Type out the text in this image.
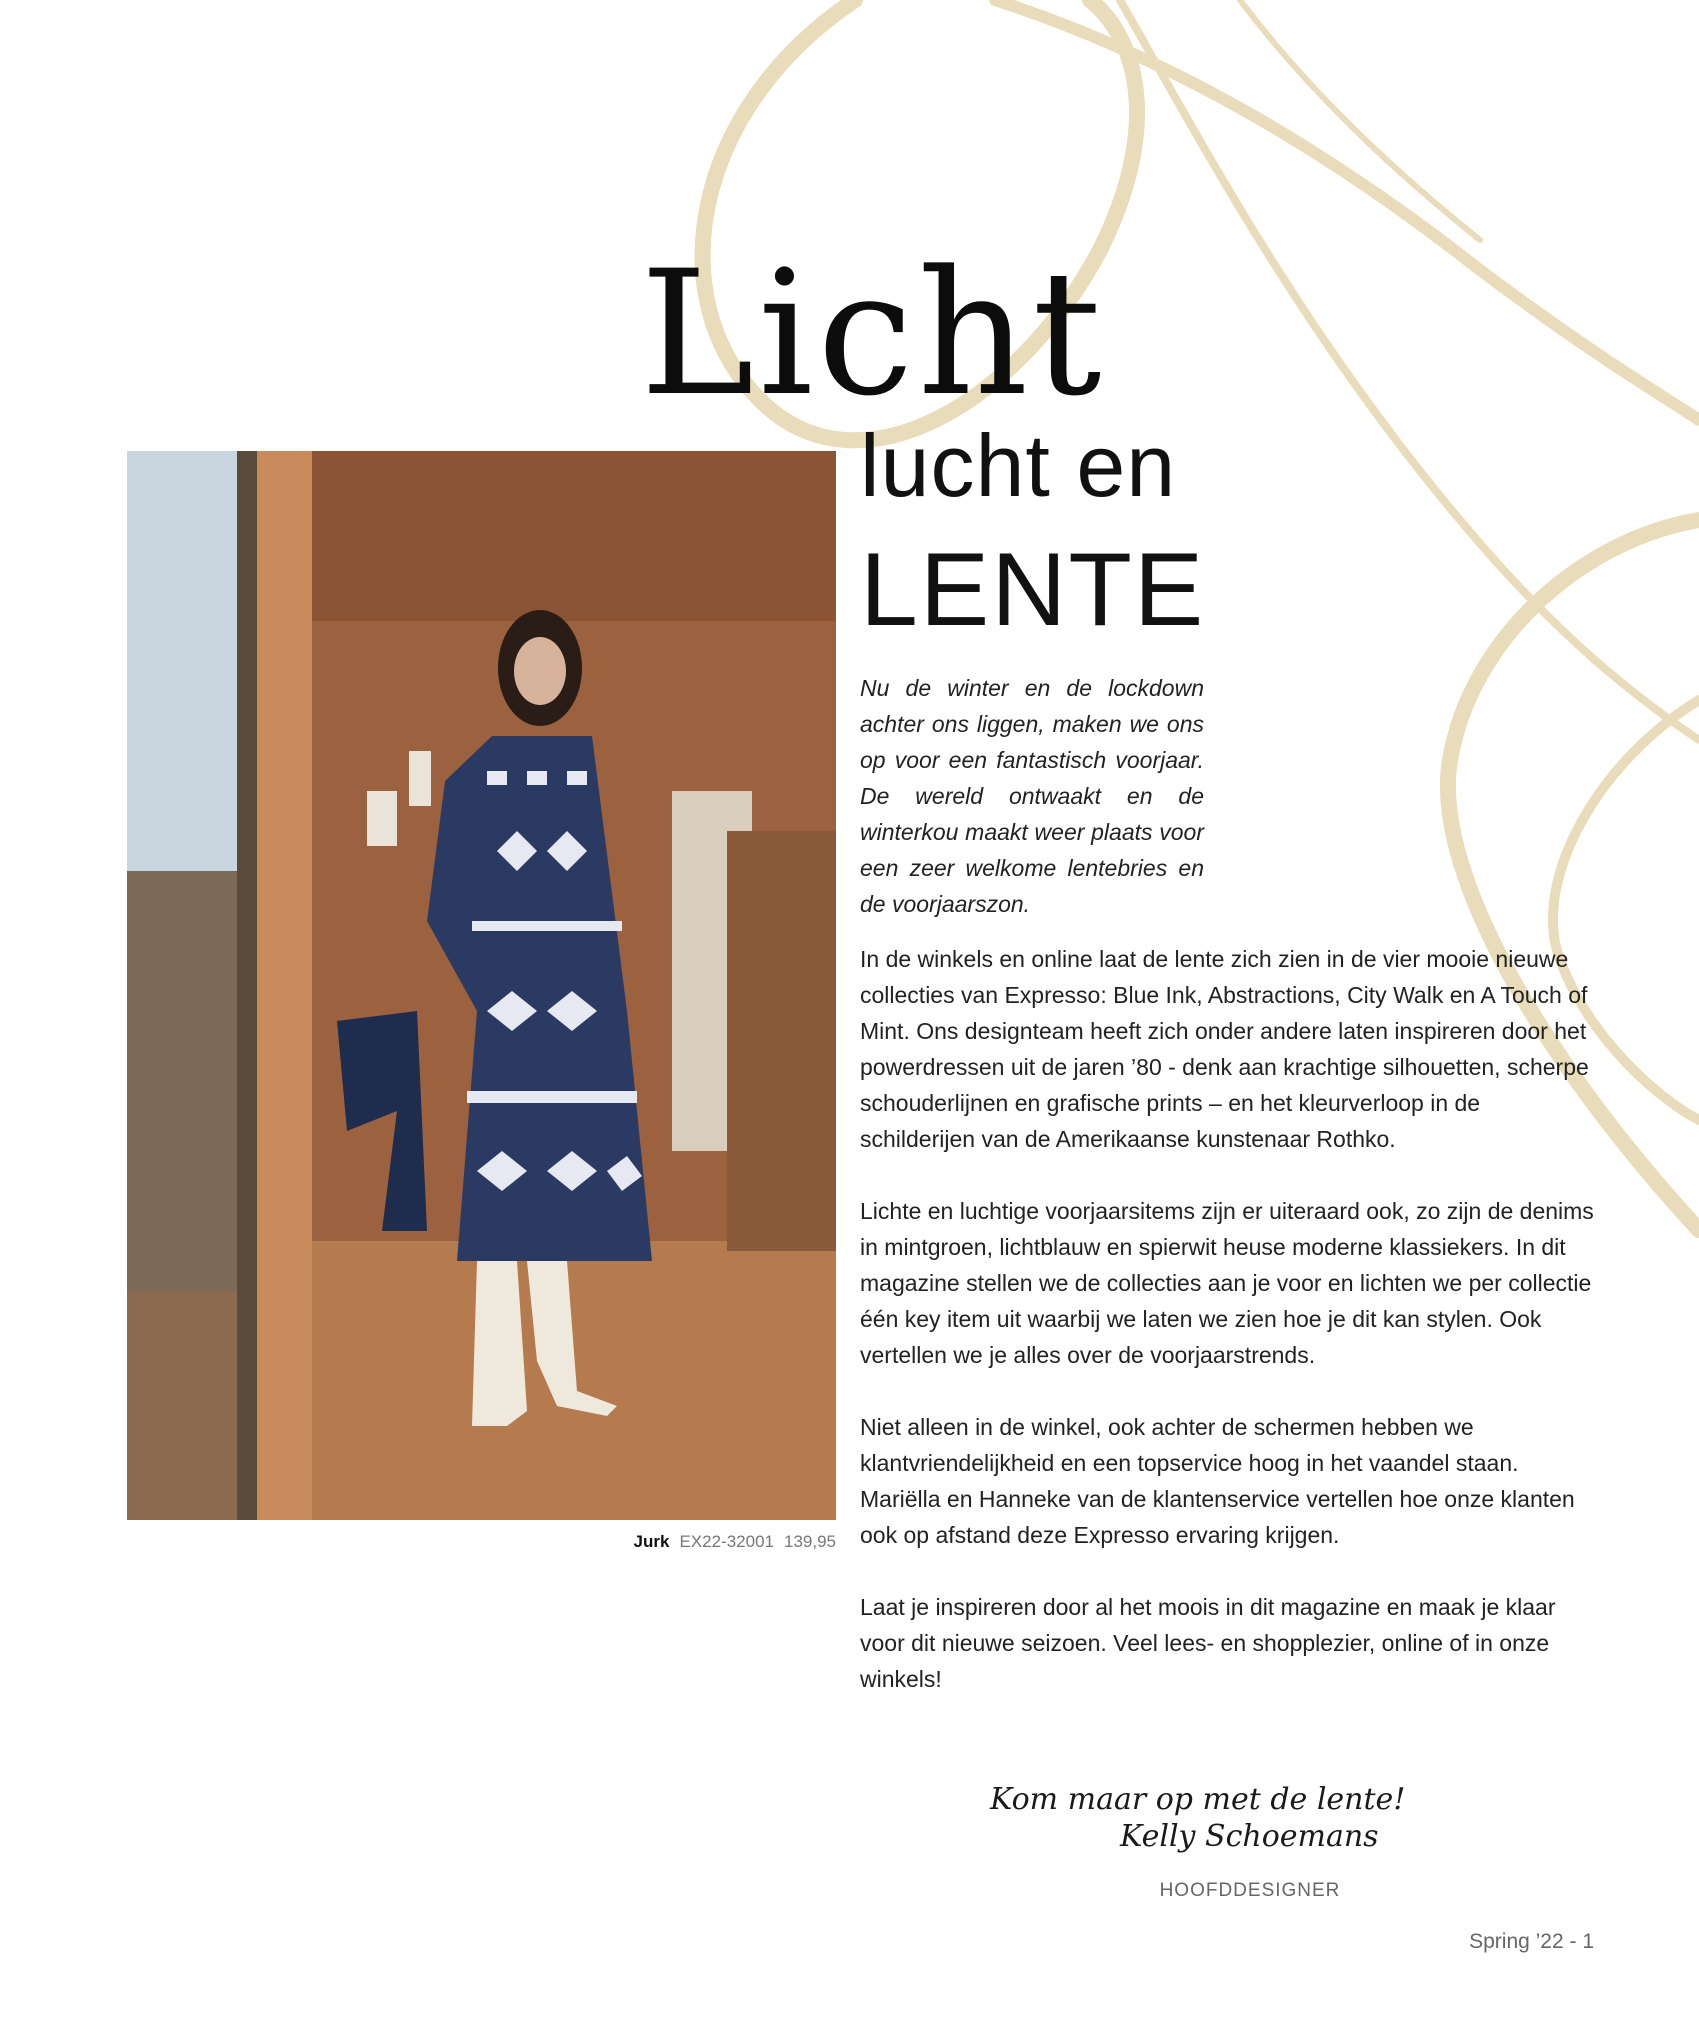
Licht
lucht en
LENTE
Jurk EX22-32001 139,95

Nu de winter en de lockdown achter ons liggen, maken we ons op voor een fantastisch voorjaar. De wereld ontwaakt en de winterkou maakt weer plaats voor een zeer welkome lentebries en de voorjaarszon.

In de winkels en online laat de lente zich zien in de vier mooie nieuwe collecties van Expresso: Blue Ink, Abstractions, City Walk en A Touch of Mint. Ons designteam heeft zich onder andere laten inspireren door het powerdressen uit de jaren ’80 - denk aan krachtige silhouetten, scherpe schouderlijnen en grafische prints – en het kleurverloop in de schilderijen van de Amerikaanse kunstenaar Rothko.

Lichte en luchtige voorjaarsitems zijn er uiteraard ook, zo zijn de denims in mintgroen, lichtblauw en spierwit heuse moderne klassiekers. In dit magazine stellen we de collecties aan je voor en lichten we per collectie één key item uit waarbij we laten we zien hoe je dit kan stylen. Ook vertellen we je alles over de voorjaarstrends.

Niet alleen in de winkel, ook achter de schermen hebben we klantvriendelijkheid en een topservice hoog in het vaandel staan. Mariëlla en Hanneke van de klantenservice vertellen hoe onze klanten ook op afstand deze Expresso ervaring krijgen.

Laat je inspireren door al het moois in dit magazine en maak je klaar voor dit nieuwe seizoen. Veel lees- en shopplezier, online of in onze winkels!

Kom maar op met de lente!
Kelly Schoemans

HOOFDDESIGNER
Spring ’22 - 1
